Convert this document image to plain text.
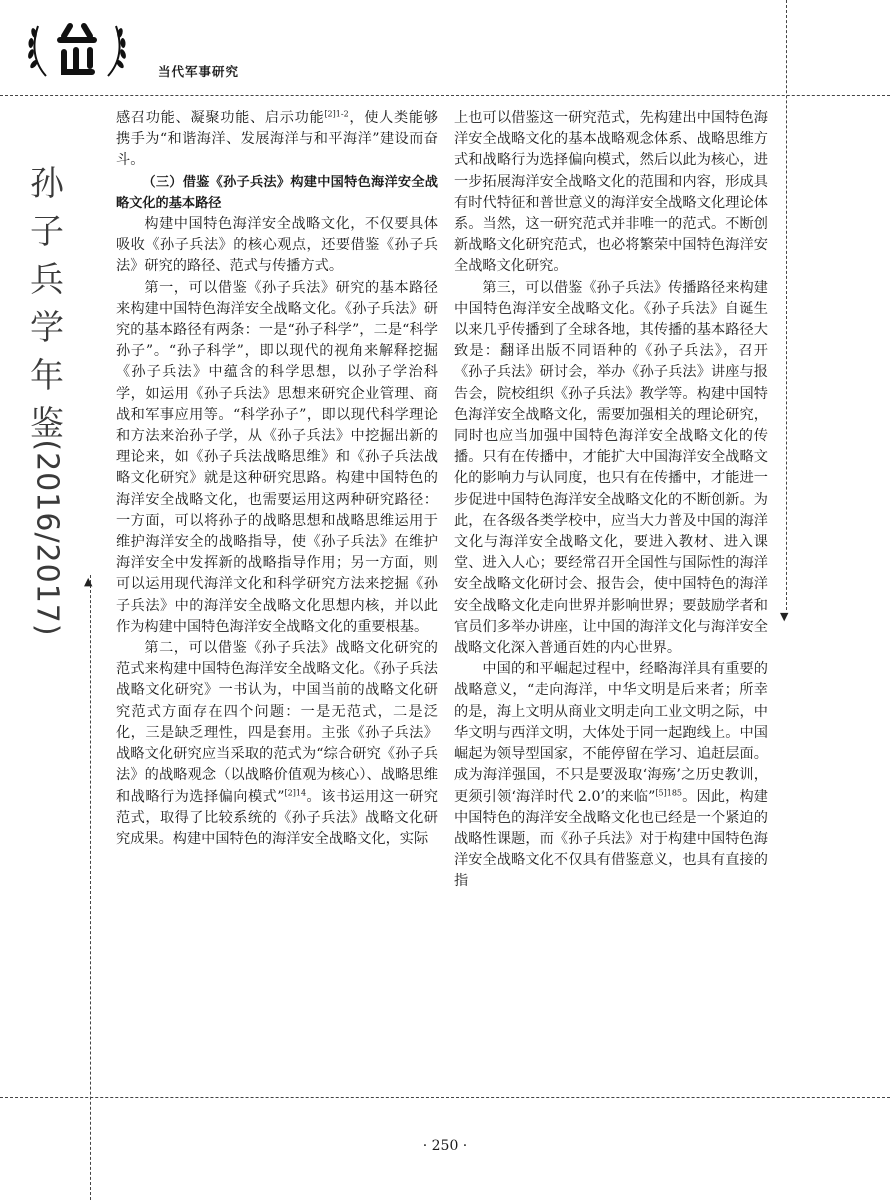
▲
▼
当代军事研究
孙
子
兵
学
年
鉴
(2016/2017)

感召功能、凝聚功能、启示功能$^{[2]1-2}$，使人类能够携手为“和谐海洋、发展海洋与和平海洋”建设而奋斗。

（三）借鉴《孙子兵法》构建中国特色海洋安全战略文化的基本路径

构建中国特色海洋安全战略文化，不仅要具体吸收《孙子兵法》的核心观点，还要借鉴《孙子兵法》研究的路径、范式与传播方式。

第一，可以借鉴《孙子兵法》研究的基本路径来构建中国特色海洋安全战略文化。《孙子兵法》研究的基本路径有两条：一是“孙子科学”，二是“科学孙子”。“孙子科学”，即以现代的视角来解释挖掘《孙子兵法》中蕴含的科学思想，以孙子学治科学，如运用《孙子兵法》思想来研究企业管理、商战和军事应用等。“科学孙子”，即以现代科学理论和方法来治孙子学，从《孙子兵法》中挖掘出新的理论来，如《孙子兵法战略思维》和《孙子兵法战略文化研究》就是这种研究思路。构建中国特色的海洋安全战略文化，也需要运用这两种研究路径：一方面，可以将孙子的战略思想和战略思维运用于维护海洋安全的战略指导，使《孙子兵法》在维护海洋安全中发挥新的战略指导作用；另一方面，则可以运用现代海洋文化和科学研究方法来挖掘《孙子兵法》中的海洋安全战略文化思想内核，并以此作为构建中国特色海洋安全战略文化的重要根基。

第二，可以借鉴《孙子兵法》战略文化研究的范式来构建中国特色海洋安全战略文化。《孙子兵法战略文化研究》一书认为，中国当前的战略文化研究范式方面存在四个问题：一是无范式，二是泛化，三是缺乏理性，四是套用。主张《孙子兵法》战略文化研究应当采取的范式为“综合研究《孙子兵法》的战略观念（以战略价值观为核心）、战略思维和战略行为选择偏向模式”$^{[2]14}$。该书运用这一研究范式，取得了比较系统的《孙子兵法》战略文化研究成果。构建中国特色的海洋安全战略文化，实际

上也可以借鉴这一研究范式，先构建出中国特色海洋安全战略文化的基本战略观念体系、战略思维方式和战略行为选择偏向模式，然后以此为核心，进一步拓展海洋安全战略文化的范围和内容，形成具有时代特征和普世意义的海洋安全战略文化理论体系。当然，这一研究范式并非唯一的范式。不断创新战略文化研究范式，也必将繁荣中国特色海洋安全战略文化研究。

第三，可以借鉴《孙子兵法》传播路径来构建中国特色海洋安全战略文化。《孙子兵法》自诞生以来几乎传播到了全球各地，其传播的基本路径大致是：翻译出版不同语种的《孙子兵法》，召开《孙子兵法》研讨会，举办《孙子兵法》讲座与报告会，院校组织《孙子兵法》教学等。构建中国特色海洋安全战略文化，需要加强相关的理论研究，同时也应当加强中国特色海洋安全战略文化的传播。只有在传播中，才能扩大中国海洋安全战略文化的影响力与认同度，也只有在传播中，才能进一步促进中国特色海洋安全战略文化的不断创新。为此，在各级各类学校中，应当大力普及中国的海洋文化与海洋安全战略文化，要进入教材、进入课堂、进入人心；要经常召开全国性与国际性的海洋安全战略文化研讨会、报告会，使中国特色的海洋安全战略文化走向世界并影响世界；要鼓励学者和官员们多举办讲座，让中国的海洋文化与海洋安全战略文化深入普通百姓的内心世界。

中国的和平崛起过程中，经略海洋具有重要的战略意义，“走向海洋，中华文明是后来者；所幸的是，海上文明从商业文明走向工业文明之际，中华文明与西洋文明，大体处于同一起跑线上。中国崛起为领导型国家，不能停留在学习、追赶层面。成为海洋强国，不只是要汲取‘海殇’之历史教训，更须引领‘海洋时代 2.0’的来临”$^{[5]185}$。因此，构建中国特色的海洋安全战略文化也已经是一个紧迫的战略性课题，而《孙子兵法》对于构建中国特色海洋安全战略文化不仅具有借鉴意义，也具有直接的指

· 250 ·
